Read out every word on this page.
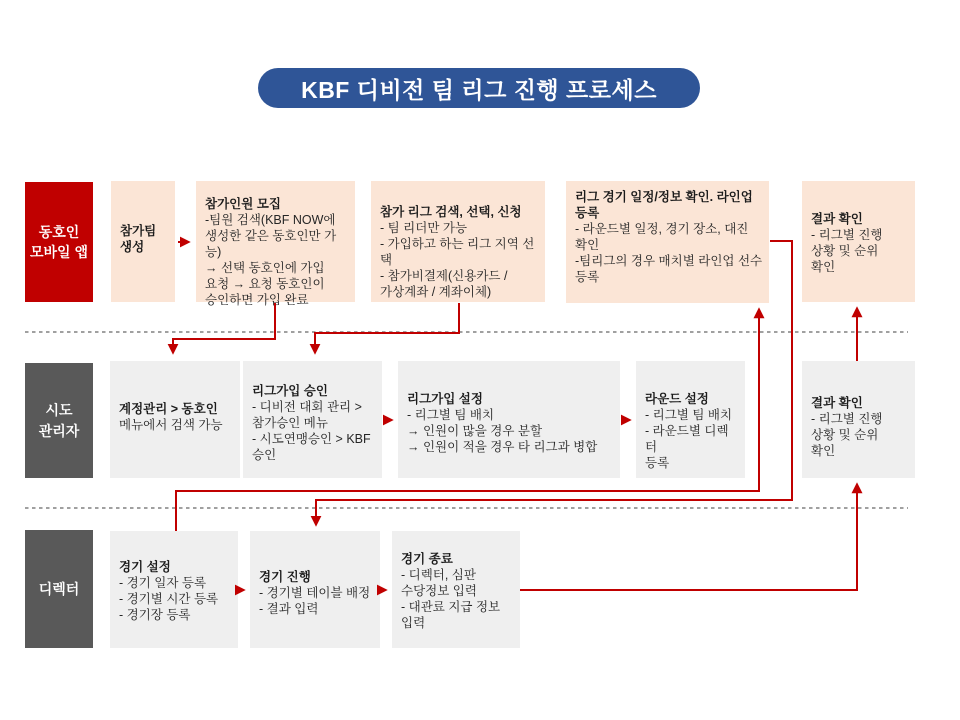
KBF 디비전 팀 리그 진행 프로세스
동호인
모바일 앱
시도
관리자
디렉터
참가팀
생성
참가인원 모집
-팀원 검색(KBF NOW에
생성한 같은 동호인만 가능)
→ 선택 동호인에 가입
요청 → 요청 동호인이
승인하면 가입 완료
참가 리그 검색, 선택, 신청
- 팀 리더만 가능
- 가입하고 하는 리그 지역 선택
- 참가비결제(신용카드 /
가상계좌 / 계좌이체)
리그 경기 일정/정보 확인. 라인업
등록
- 라운드별 일정, 경기 장소, 대진
확인
-팀리그의 경우 매치별 라인업 선수
등록
결과 확인
- 리그별 진행
상황 및 순위
확인
계정관리 > 동호인
메뉴에서 검색 가능
리그가입 승인
- 디비전 대회 관리 >
참가승인 메뉴
- 시도연맹승인 > KBF
승인
리그가입 설정
- 리그별 팀 배치
→ 인원이 많을 경우 분할
→ 인원이 적을 경우 타 리그과 병합
라운드 설정
- 리그별 팀 배치
- 라운드별 디렉터
등록
결과 확인
- 리그별 진행
상황 및 순위
확인
경기 설정
- 경기 일자 등록
- 경기별 시간 등록
- 경기장 등록
경기 진행
- 경기별 테이블 배정
- 결과 입력
경기 종료
- 디렉터, 심판
수당정보 입력
- 대관료 지급 정보
입력
